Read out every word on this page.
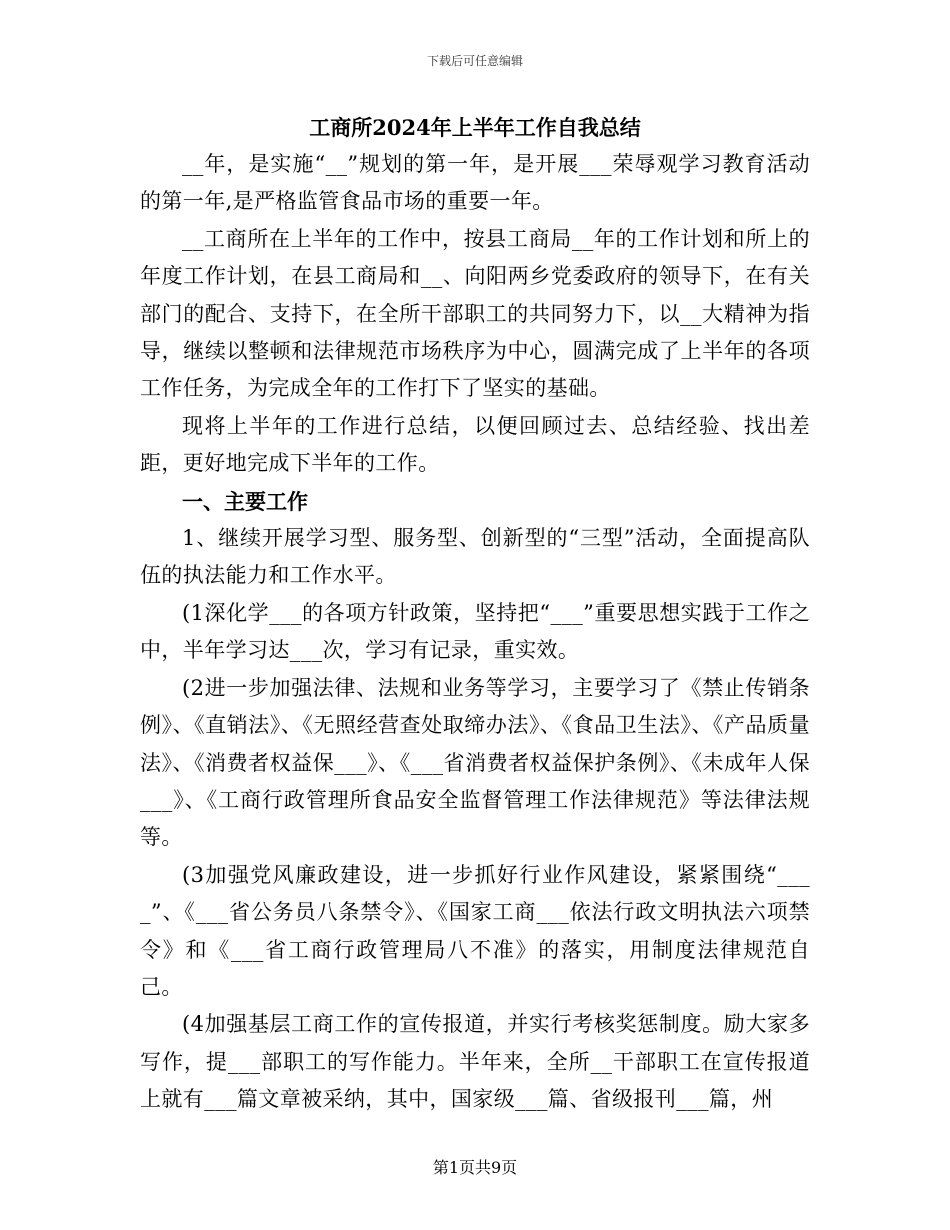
下载后可任意编辑
工商所2024年上半年工作自我总结

__年，是实施“__”规划的第一年，是开展___荣辱观学习教育活动的第一年,是严格监管食品市场的重要一年。

__工商所在上半年的工作中，按县工商局__年的工作计划和所上的年度工作计划，在县工商局和__、向阳两乡党委政府的领导下，在有关部门的配合、支持下，在全所干部职工的共同努力下，以__大精神为指导，继续以整顿和法律规范市场秩序为中心，圆满完成了上半年的各项工作任务，为完成全年的工作打下了坚实的基础。

现将上半年的工作进行总结，以便回顾过去、总结经验、找出差距，更好地完成下半年的工作。

一、主要工作

1、继续开展学习型、服务型、创新型的“三型”活动，全面提高队伍的执法能力和工作水平。

(1深化学___的各项方针政策，坚持把“___”重要思想实践于工作之中，半年学习达___次，学习有记录，重实效。

(2进一步加强法律、法规和业务等学习，主要学习了《禁止传销条例》、《直销法》、《无照经营查处取缔办法》、《食品卫生法》、《产品质量法》、《消费者权益保___》、《___省消费者权益保护条例》、《未成年人保___》、《工商行政管理所食品安全监督管理工作法律规范》等法律法规等。

(3加强党风廉政建设，进一步抓好行业作风建设，紧紧围绕“____”、《___省公务员八条禁令》、《国家工商___依法行政文明执法六项禁令》和《___省工商行政管理局八不准》的落实，用制度法律规范自己。

(4加强基层工商工作的宣传报道，并实行考核奖惩制度。励大家多写作，提___部职工的写作能力。半年来，全所__干部职工在宣传报道上就有___篇文章被采纳，其中，国家级___篇、省级报刊___篇，州

第1页共9页
